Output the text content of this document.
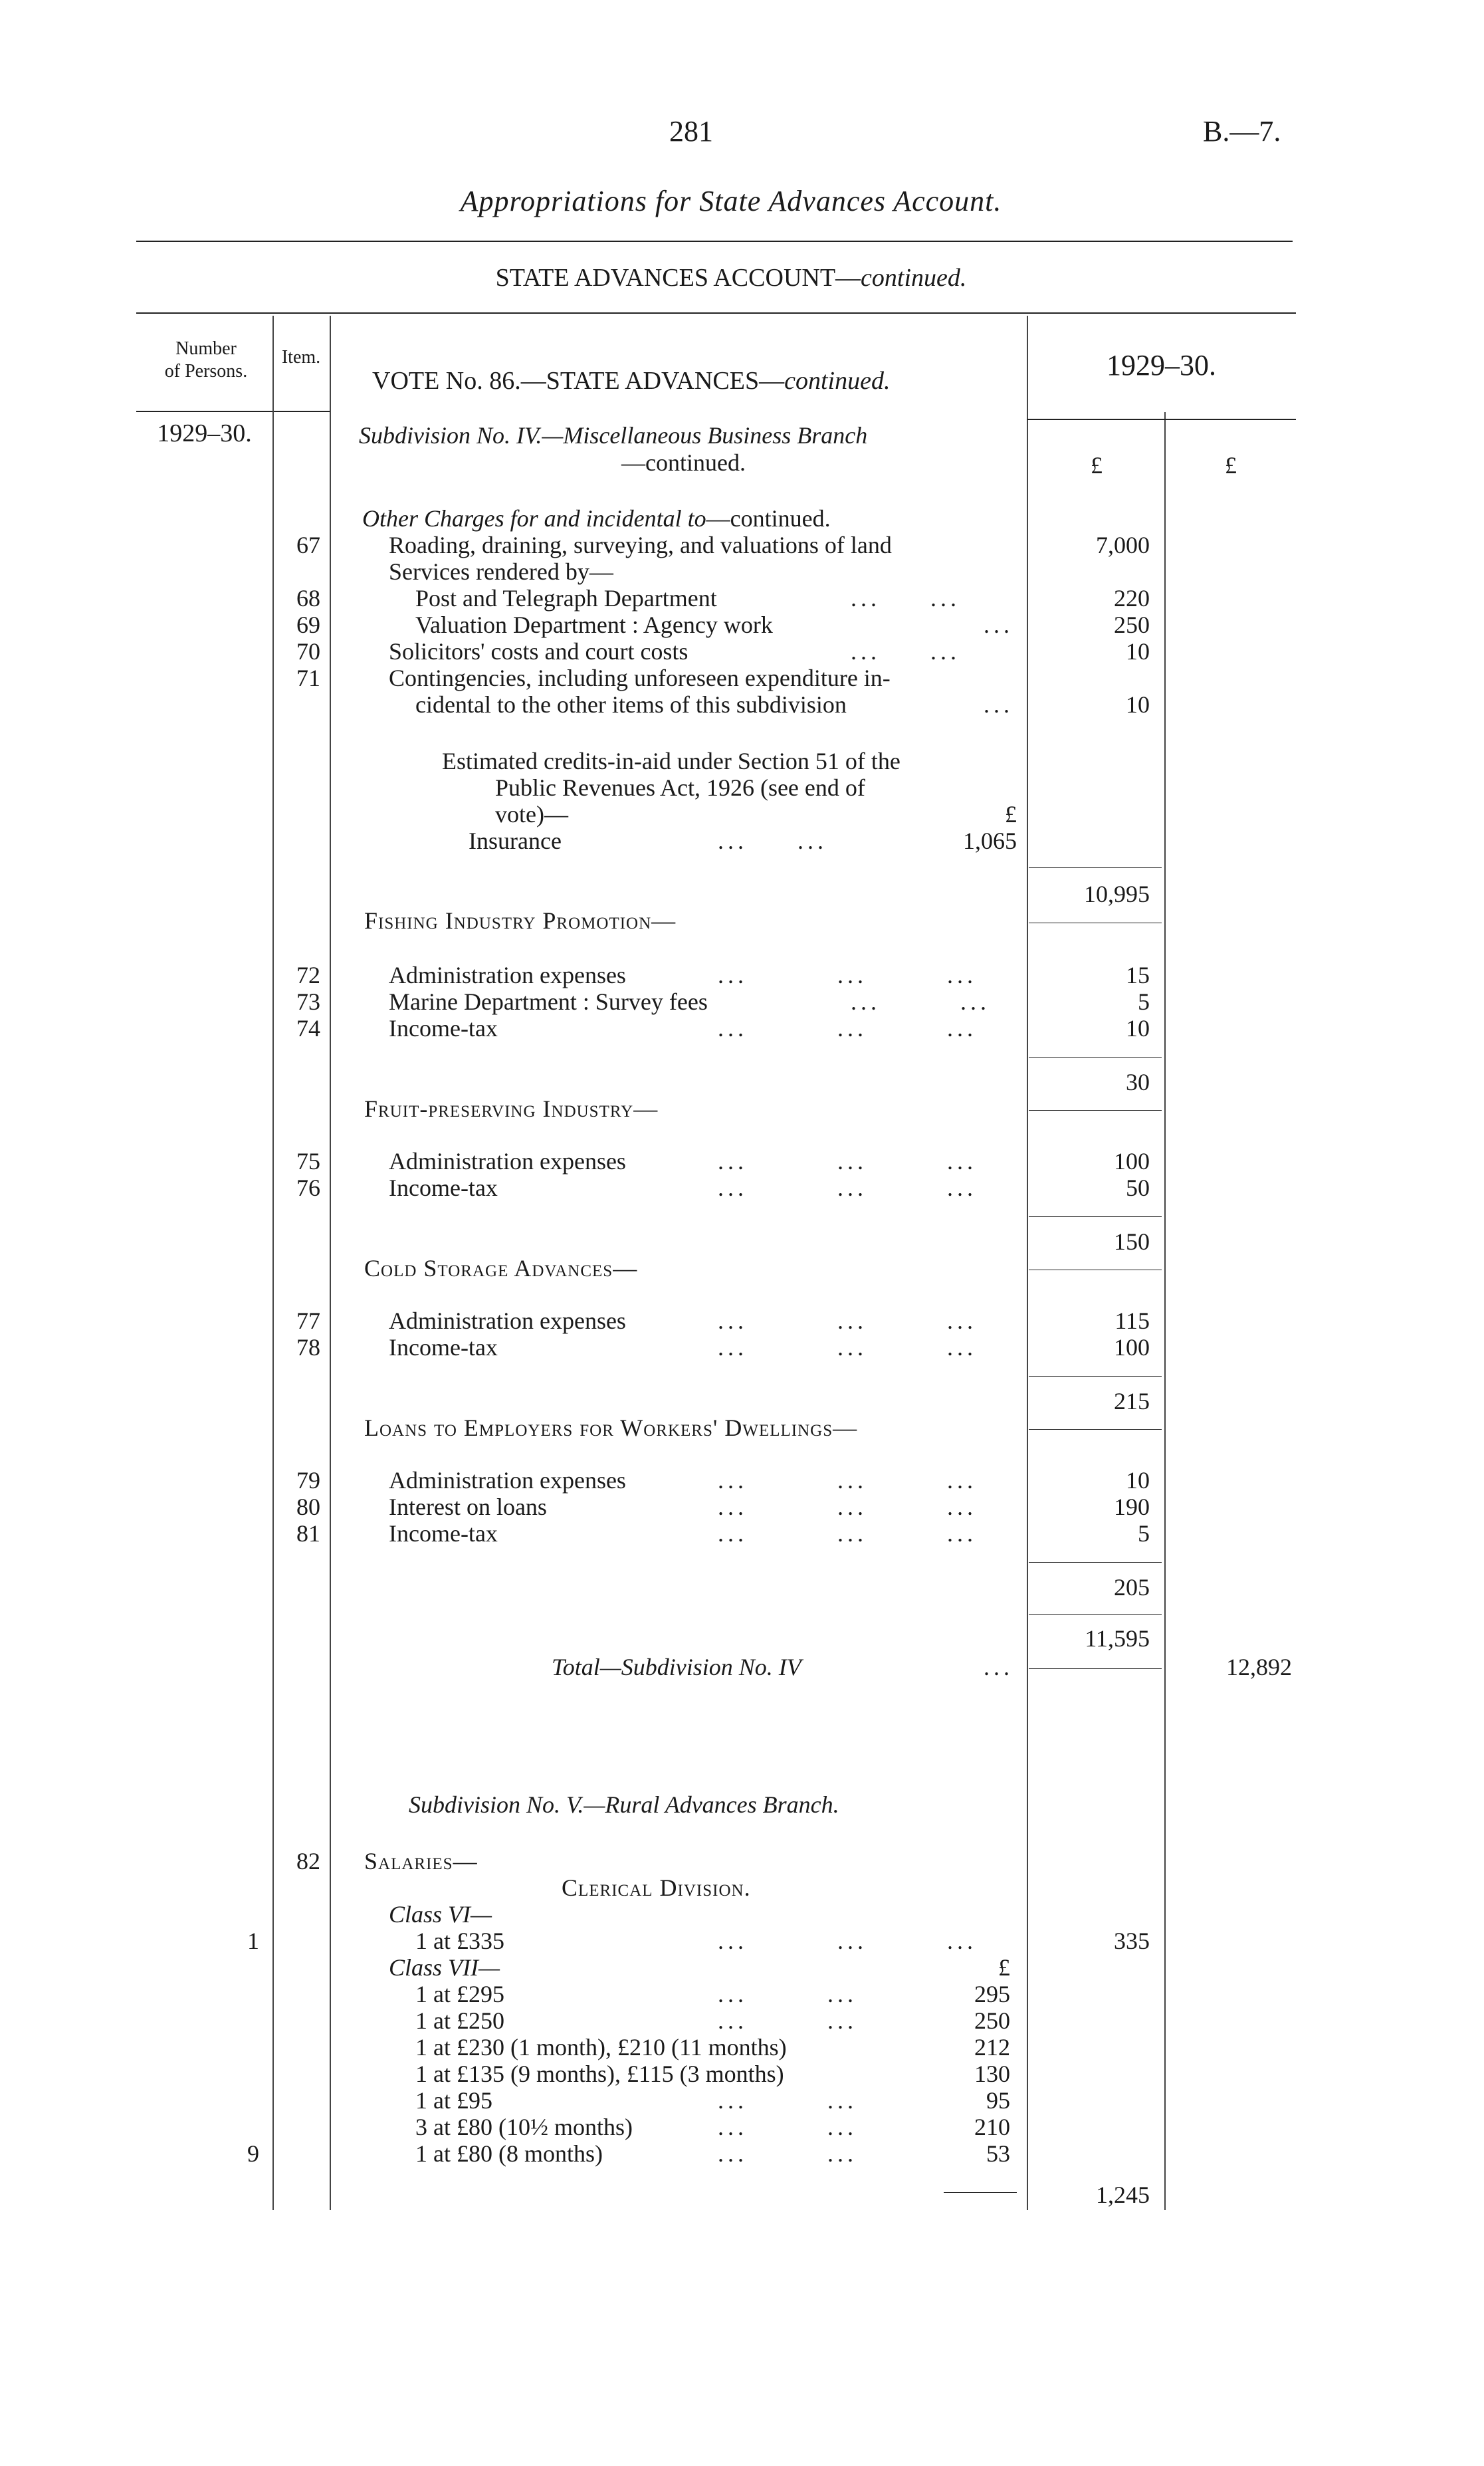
281	B.—7.
Appropriations for State Advances Account.
STATE ADVANCES ACCOUNT—continued.
Number
of Persons.
Item.
VOTE No. 86.—STATE ADVANCES—continued.	1929–30.
1929–30.
£	£
Subdivision No. IV.—Miscellaneous Business Branch
—continued.
Other Charges for and incidental to—continued.
67	Roading, draining, surveying, and valuations of land	7,000
Services rendered by—
68	Post and Telegraph Department	... ...	220
69	Valuation Department : Agency work	...	250
70	Solicitors' costs and court costs	... ...	10
71	Contingencies, including unforeseen expenditure in-
cidental to the other items of this subdivision	...	10
Estimated credits-in-aid under Section 51 of the
Public Revenues Act, 1926 (see end of
vote)—	£
Insurance	... ...	1,065
10,995
Fishing Industry Promotion—
72	Administration expenses	...	...	...	15
73	Marine Department : Survey fees	...	...	5
74	Income-tax	...	...	...	10
30
Fruit-preserving Industry—
75	Administration expenses	...	...	...	100
76	Income-tax	...	...	...	50
150
Cold Storage Advances—
77	Administration expenses	...	...	...	115
78	Income-tax	...	...	...	100
215
Loans to Employers for Workers' Dwellings—
79	Administration expenses	...	...	...	10
80	Interest on loans	...	...	...	190
81	Income-tax	...	...	...	5
205
11,595
Total—Subdivision No. IV	...	12,892
Subdivision No. V.—Rural Advances Branch.
82 Salaries—
Clerical Division.
Class VI—
1	1 at £335	...	...	...	335
Class VII—	£
1 at £295	...	...	295
1 at £250	...	...	250
1 at £230 (1 month), £210 (11 months)	212
1 at £135 (9 months), £115 (3 months)	130
1 at £95	...	...	95
3 at £80 (10½ months)	...	...	210
9	1 at £80 (8 months)	...	...	53
1,245
